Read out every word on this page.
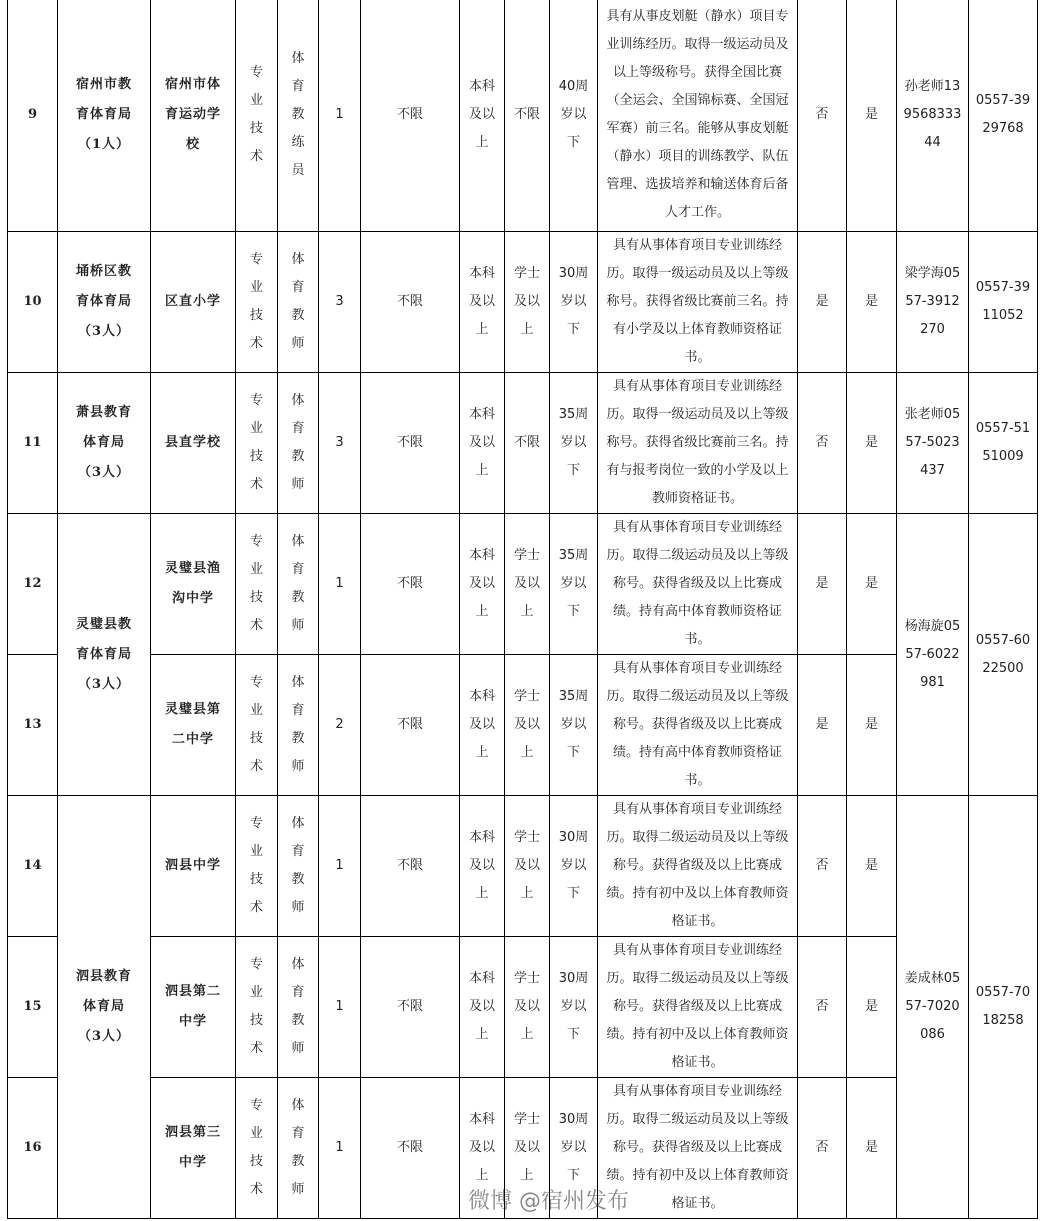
9	宿州市教育体育局（1人）	宿州市体育运动学校	专业技术	体育教练员	1	不限	本科及以上	不限	40周岁以下	具有从事皮划艇（静水）项目专业训练经历。取得一级运动员及以上等级称号。获得全国比赛（全运会、全国锦标赛、全国冠军赛）前三名。能够从事皮划艇（静水）项目的训练教学、队伍管理、选拔培养和输送体育后备人才工作。	否	是	孙老师13956833344	0557-3929768
10	埇桥区教育体育局（3人）	区直小学	专业技术	体育教师	3	不限	本科及以上	学士及以上	30周岁以下	具有从事体育项目专业训练经历。取得一级运动员及以上等级称号。获得省级比赛前三名。持有小学及以上体育教师资格证书。	是	是	梁学海0557-3912270	0557-3911052
11	萧县教育体育局（3人）	县直学校	专业技术	体育教师	3	不限	本科及以上	不限	35周岁以下	具有从事体育项目专业训练经历。取得一级运动员及以上等级称号。获得省级比赛前三名。持有与报考岗位一致的小学及以上教师资格证书。	否	是	张老师0557-5023437	0557-5151009
12	灵璧县教育体育局（3人）	灵璧县渔沟中学	专业技术	体育教师	1	不限	本科及以上	学士及以上	35周岁以下	具有从事体育项目专业训练经历。取得二级运动员及以上等级称号。获得省级及以上比赛成绩。持有高中体育教师资格证书。	是	是	杨海旋0557-6022981	0557-6022500
13		灵璧县第二中学	专业技术	体育教师	2	不限	本科及以上	学士及以上	35周岁以下	具有从事体育项目专业训练经历。取得二级运动员及以上等级称号。获得省级及以上比赛成绩。持有高中体育教师资格证书。	是	是		
14	泗县教育体育局（3人）	泗县中学	专业技术	体育教师	1	不限	本科及以上	学士及以上	30周岁以下	具有从事体育项目专业训练经历。取得二级运动员及以上等级称号。获得省级及以上比赛成绩。持有初中及以上体育教师资格证书。	否	是	姜成林0557-7020086	0557-7018258
15		泗县第二中学	专业技术	体育教师	1	不限	本科及以上	学士及以上	30周岁以下	具有从事体育项目专业训练经历。取得二级运动员及以上等级称号。获得省级及以上比赛成绩。持有初中及以上体育教师资格证书。	否	是		
16		泗县第三中学	专业技术	体育教师	1	不限	本科及以上	学士及以上	30周岁以下	具有从事体育项目专业训练经历。取得二级运动员及以上等级称号。获得省级及以上比赛成绩。持有初中及以上体育教师资格证书。	否	是		
微博 @宿州发布
